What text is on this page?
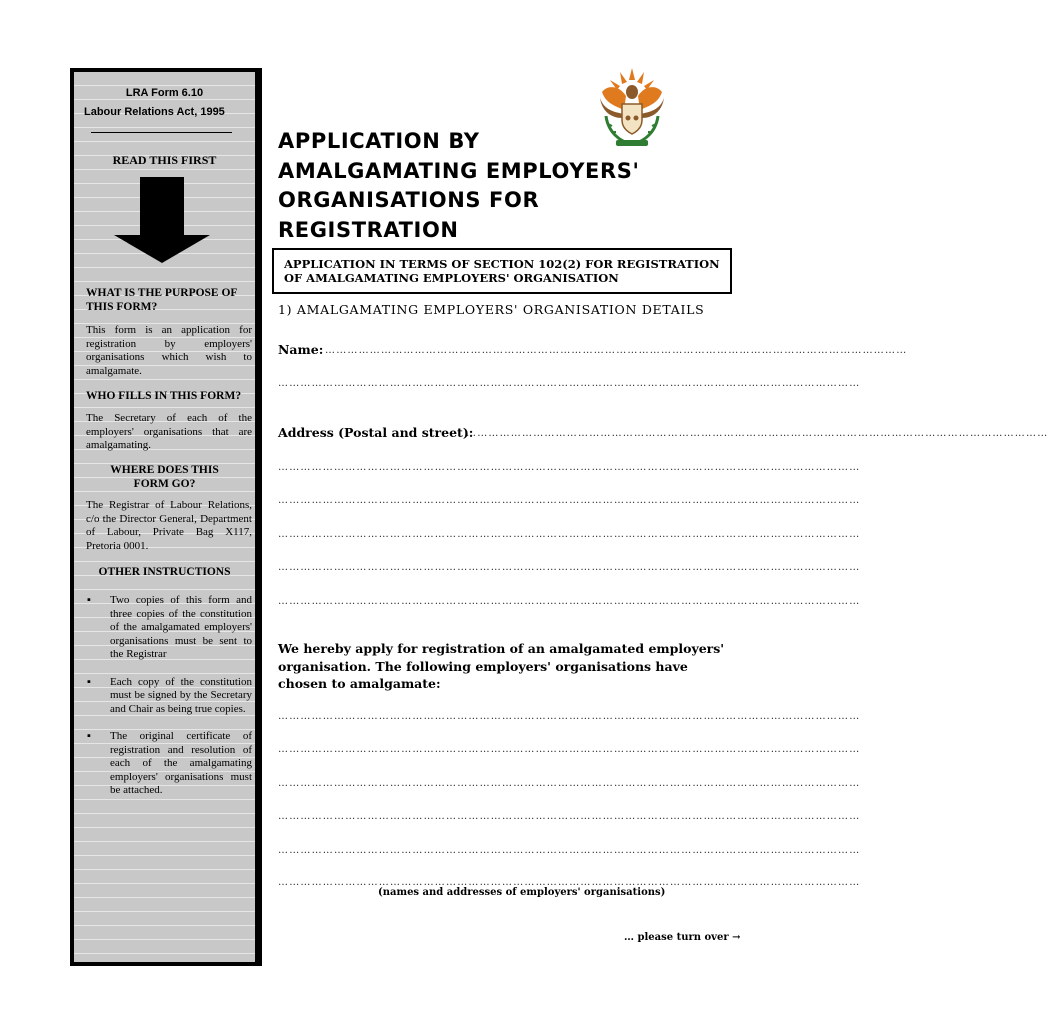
LRA Form 6.10
Labour Relations Act, 1995
READ THIS FIRST
WHAT IS THE PURPOSE OF
THIS FORM?
This form is an application for registration by employers' organisations which wish to amalgamate.
WHO FILLS IN THIS FORM?
The Secretary of each of the employers' organisations that are amalgamating.
WHERE DOES THIS
FORM GO?
The Registrar of Labour Relations, c/o the Director General, Department of Labour, Private Bag X117, Pretoria 0001.
OTHER INSTRUCTIONS
▪ Two copies of this form and three copies of the constitution of the amalgamated employers' organisations must be sent to the Registrar
▪ Each copy of the constitution must be signed by the Secretary and Chair as being true copies.
▪ The original certificate of registration and resolution of each of the amalgamating employers' organisations must be attached.
APPLICATION BY
AMALGAMATING EMPLOYERS'
ORGANISATIONS FOR
REGISTRATION
APPLICATION IN TERMS OF SECTION 102(2) FOR REGISTRATION OF AMALGAMATING EMPLOYERS' ORGANISATION
1) AMALGAMATING EMPLOYERS' ORGANISATION DETAILS
Name: …………………………………………………………………………………………………………………………………………
…………………………………………………………………………………………………………………………………………
Address (Postal and street):
…………………………………………………………………………………………………………………………………………
…………………………………………………………………………………………………………………………………………
…………………………………………………………………………………………………………………………………………
…………………………………………………………………………………………………………………………………………
…………………………………………………………………………………………………………………………………………
…………………………………………………………………………………………………………………………………………
We hereby apply for registration of an amalgamated employers' organisation. The following employers' organisations have chosen to amalgamate:
…………………………………………………………………………………………………………………………………………
…………………………………………………………………………………………………………………………………………
…………………………………………………………………………………………………………………………………………
…………………………………………………………………………………………………………………………………………
…………………………………………………………………………………………………………………………………………
…………………………………………………………………………………………………………………………………………
(names and addresses of employers' organisations)
… please turn over →
